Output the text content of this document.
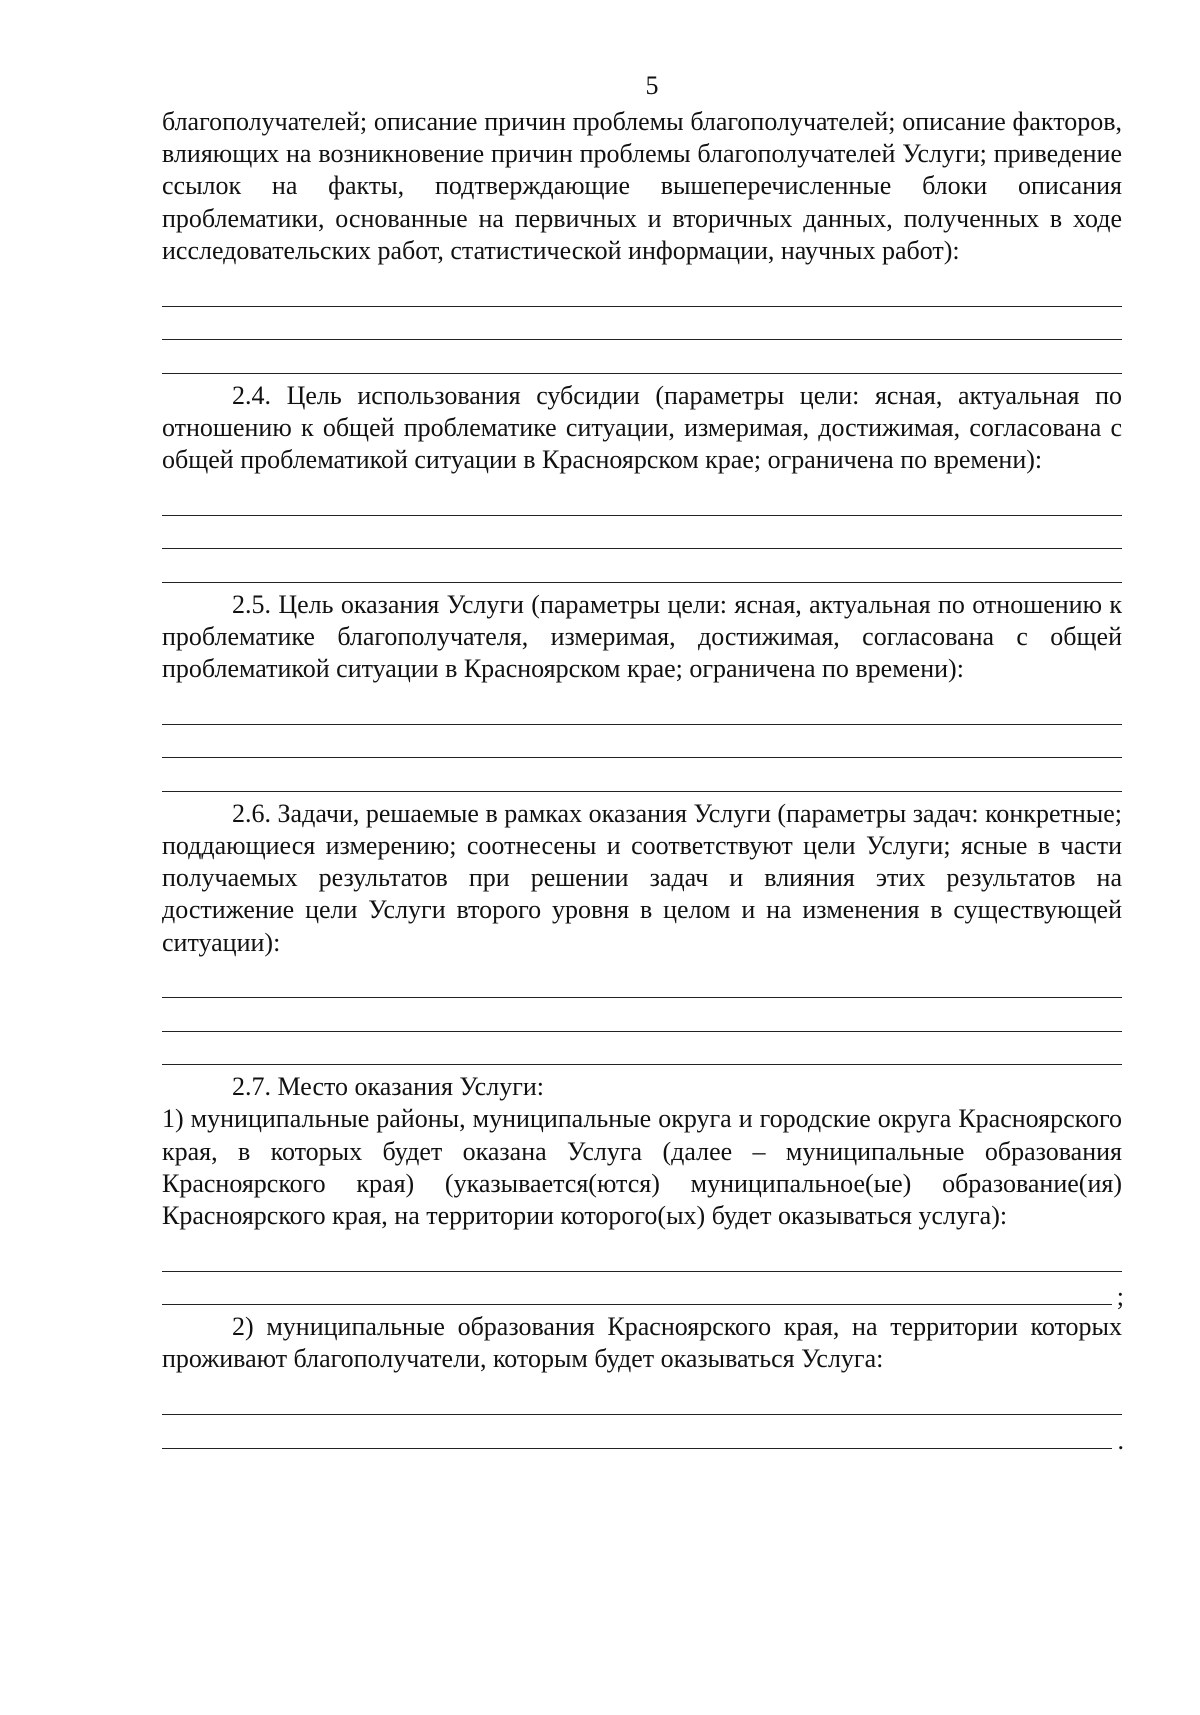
5

благополучателей; описание причин проблемы благополучателей; описание факторов, влияющих на возникновение причин проблемы благополучателей Услуги; приведение ссылок на факты, подтверждающие вышеперечисленные блоки описания проблематики, основанные на первичных и вторичных данных, полученных в ходе исследовательских работ, статистической информации, научных работ):

2.4. Цель использования субсидии (параметры цели: ясная, актуальная по отношению к общей проблематике ситуации, измеримая, достижимая, согласована с общей проблематикой ситуации в Красноярском крае; ограничена по времени):

2.5. Цель оказания Услуги (параметры цели: ясная, актуальная по отношению к проблематике благополучателя, измеримая, достижимая, согласована с общей проблематикой ситуации в Красноярском крае; ограничена по времени):

2.6. Задачи, решаемые в рамках оказания Услуги (параметры задач: конкретные; поддающиеся измерению; соотнесены и соответствуют цели Услуги; ясные в части получаемых результатов при решении задач и влияния этих результатов на достижение цели Услуги второго уровня в целом и на изменения в существующей ситуации):

2.7. Место оказания Услуги:

1) муниципальные районы, муниципальные округа и городские округа Красноярского края, в которых будет оказана Услуга (далее – муниципальные образования Красноярского края) (указывается(ются) муниципальное(ые) образование(ия) Красноярского края, на территории которого(ых) будет оказываться услуга):

;

2) муниципальные образования Красноярского края, на территории которых проживают благополучатели, которым будет оказываться Услуга:

.
